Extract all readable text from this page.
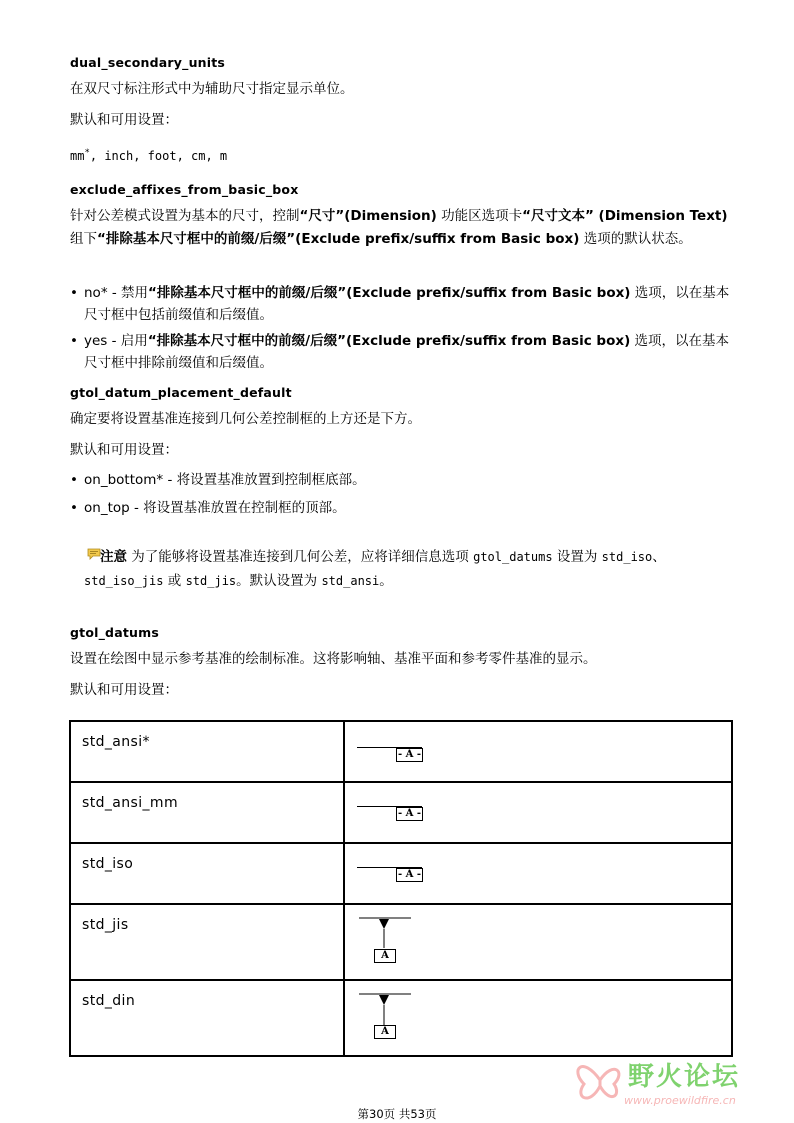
dual_secondary_units
在双尺寸标注形式中为辅助尺寸指定显示单位。
默认和可用设置：
mm*, inch, foot, cm, m
exclude_affixes_from_basic_box
针对公差模式设置为基本的尺寸，控制“尺寸”(Dimension) 功能区选项卡“尺寸文本” (Dimension Text) 组下“排除基本尺寸框中的前缀/后缀”(Exclude prefix/suffix from Basic box) 选项的默认状态。
• no* - 禁用“排除基本尺寸框中的前缀/后缀”(Exclude prefix/suffix from Basic box) 选项，以在基本尺寸框中包括前缀值和后缀值。
• yes - 启用“排除基本尺寸框中的前缀/后缀”(Exclude prefix/suffix from Basic box) 选项，以在基本尺寸框中排除前缀值和后缀值。
gtol_datum_placement_default
确定要将设置基准连接到几何公差控制框的上方还是下方。
默认和可用设置：
• on_bottom* - 将设置基准放置到控制框底部。
• on_top - 将设置基准放置在控制框的顶部。
注意 为了能够将设置基准连接到几何公差，应将详细信息选项 gtol_datums 设置为 std_iso、
std_iso_jis 或 std_jis。默认设置为 std_ansi。
gtol_datums
设置在绘图中显示参考基准的绘制标准。这将影响轴、基准平面和参考零件基准的显示。
默认和可用设置：
std_ansi*	- A -

std_ansi_mm	- A -

std_iso	- A -

std_jis	A

std_din	A
野火论坛
www.proewildfire.cn
第30页 共53页
